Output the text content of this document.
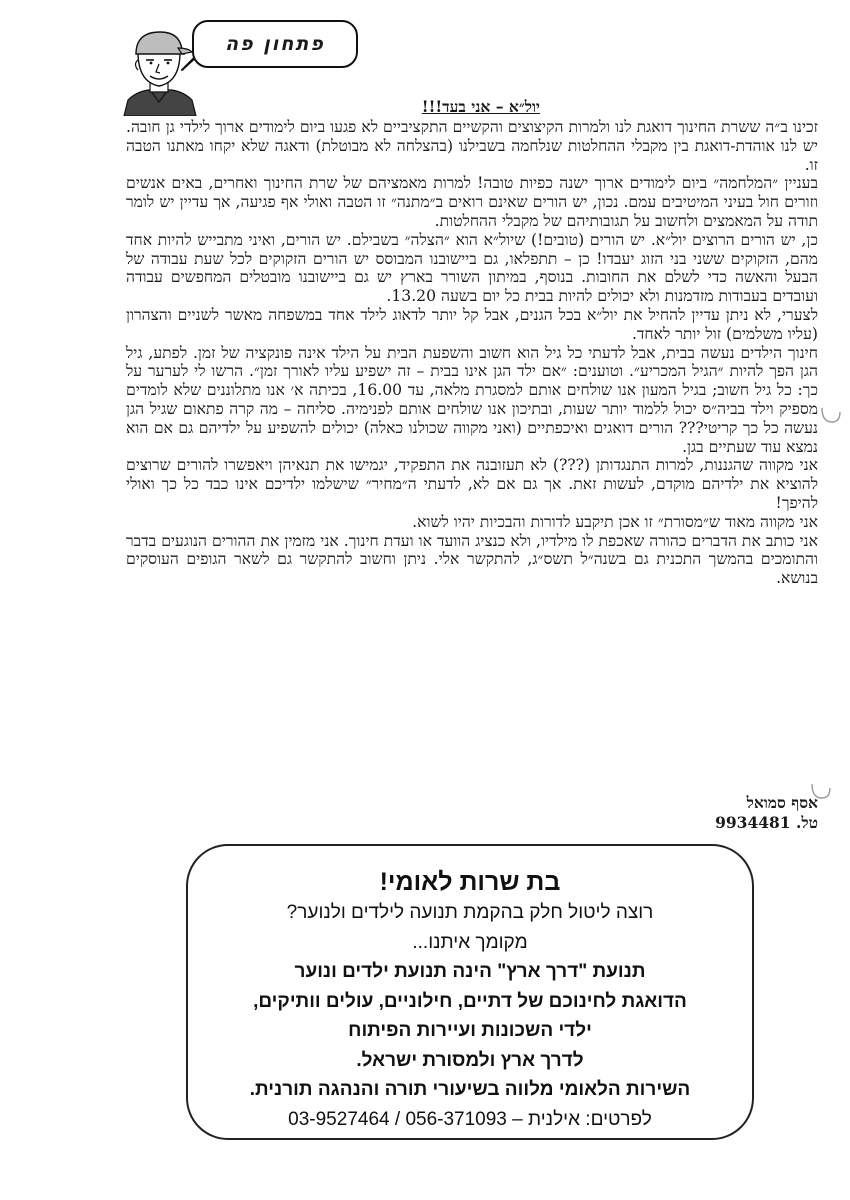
פתחון פה
יול״א – אני בעד!!!

זכינו ב״ה ששרת החינוך דואגת לנו ולמרות הקיצוצים והקשיים התקציביים לא פגעו ביום לימודים ארוך לילדי גן חובה. יש לנו אוהדת-דואגת בין מקבלי ההחלטות שנלחמה בשבילנו (בהצלחה לא מבוטלת) ודאגה שלא יקחו מאתנו הטבה זו.

בעניין ״המלחמה״ ביום לימודים ארוך ישנה כפיות טובה! למרות מאמציהם של שרת החינוך ואחרים, באים אנשים וזורים חול בעיני המיטיבים עמם. נכון, יש הורים שאינם רואים ב״מתנה״ זו הטבה ואולי אף פגיעה, אך עדיין יש לומר תודה על המאמצים ולחשוב על תגובותיהם של מקבלי ההחלטות.

כן, יש הורים הרוצים יול״א. יש הורים (טובים!) שיול״א הוא ״הצלה״ בשבילם. יש הורים, ואיני מתבייש להיות אחד מהם, הזקוקים ששני בני הזוג יעבדו! כן – תתפלאו, גם ביישובנו המבוסס יש הורים הזקוקים לכל שעת עבודה של הבעל והאשה כדי לשלם את החובות. בנוסף, במיתון השורר בארץ יש גם ביישובנו מובטלים המחפשים עבודה ועובדים בעבודות מזדמנות ולא יכולים להיות בבית כל יום בשעה 13.20.

לצערי, לא ניתן עדיין להחיל את יול״א בכל הגנים, אבל קל יותר לדאוג לילד אחד במשפחה מאשר לשניים והצהרון (עליו משלמים) זול יותר לאחד.

חינוך הילדים נעשה בבית, אבל לדעתי כל גיל הוא חשוב והשפעת הבית על הילד אינה פונקציה של זמן. לפתע, גיל הגן הפך להיות ״הגיל המכריע״. וטוענים: ״אם ילד הגן אינו בבית – זה ישפיע עליו לאורך זמן״. הרשו לי לערער על כך: כל גיל חשוב; בגיל המעון אנו שולחים אותם למסגרת מלאה, עד 16.00, בכיתה א׳ אנו מתלוננים שלא לומדים מספיק וילד בביה״ס יכול ללמוד יותר שעות, ובתיכון אנו שולחים אותם לפנימיה. סליחה – מה קרה פתאום שגיל הגן נעשה כל כך קריטי??? הורים דואגים ואיכפתיים (ואני מקווה שכולנו כאלה) יכולים להשפיע על ילדיהם גם אם הוא נמצא עוד שעתיים בגן.

אני מקווה שהגננות, למרות התנגדותן (???) לא תעזובנה את התפקיד, יגמישו את תנאיהן ויאפשרו להורים שרוצים להוציא את ילדיהם מוקדם, לעשות זאת. אך גם אם לא, לדעתי ה״מחיר״ שישלמו ילדיכם אינו כבד כל כך ואולי להיפך!

אני מקווה מאוד ש״מסורת״ זו אכן תיקבע לדורות והבכיות יהיו לשוא.

אני כותב את הדברים כהורה שאכפת לו מילדיו, ולא כנציג הוועד או ועדת חינוך. אני מזמין את ההורים הנוגעים בדבר והתומכים בהמשך התכנית גם בשנה״ל תשס״ג, להתקשר אלי. ניתן וחשוב להתקשר גם לשאר הגופים העוסקים בנושא.

אסף סמואל
טל. 9934481
בת שרות לאומי!
רוצה ליטול חלק בהקמת תנועה לילדים ולנוער?
מקומך איתנו...
תנועת "דרך ארץ" הינה תנועת ילדים ונוער
הדואגת לחינוכם של דתיים, חילוניים, עולים וותיקים,
ילדי השכונות ועיירות הפיתוח
לדרך ארץ ולמסורת ישראל.
השירות הלאומי מלווה בשיעורי תורה והנהגה תורנית.
לפרטים: אילנית – 056-371093 / 03-9527464
